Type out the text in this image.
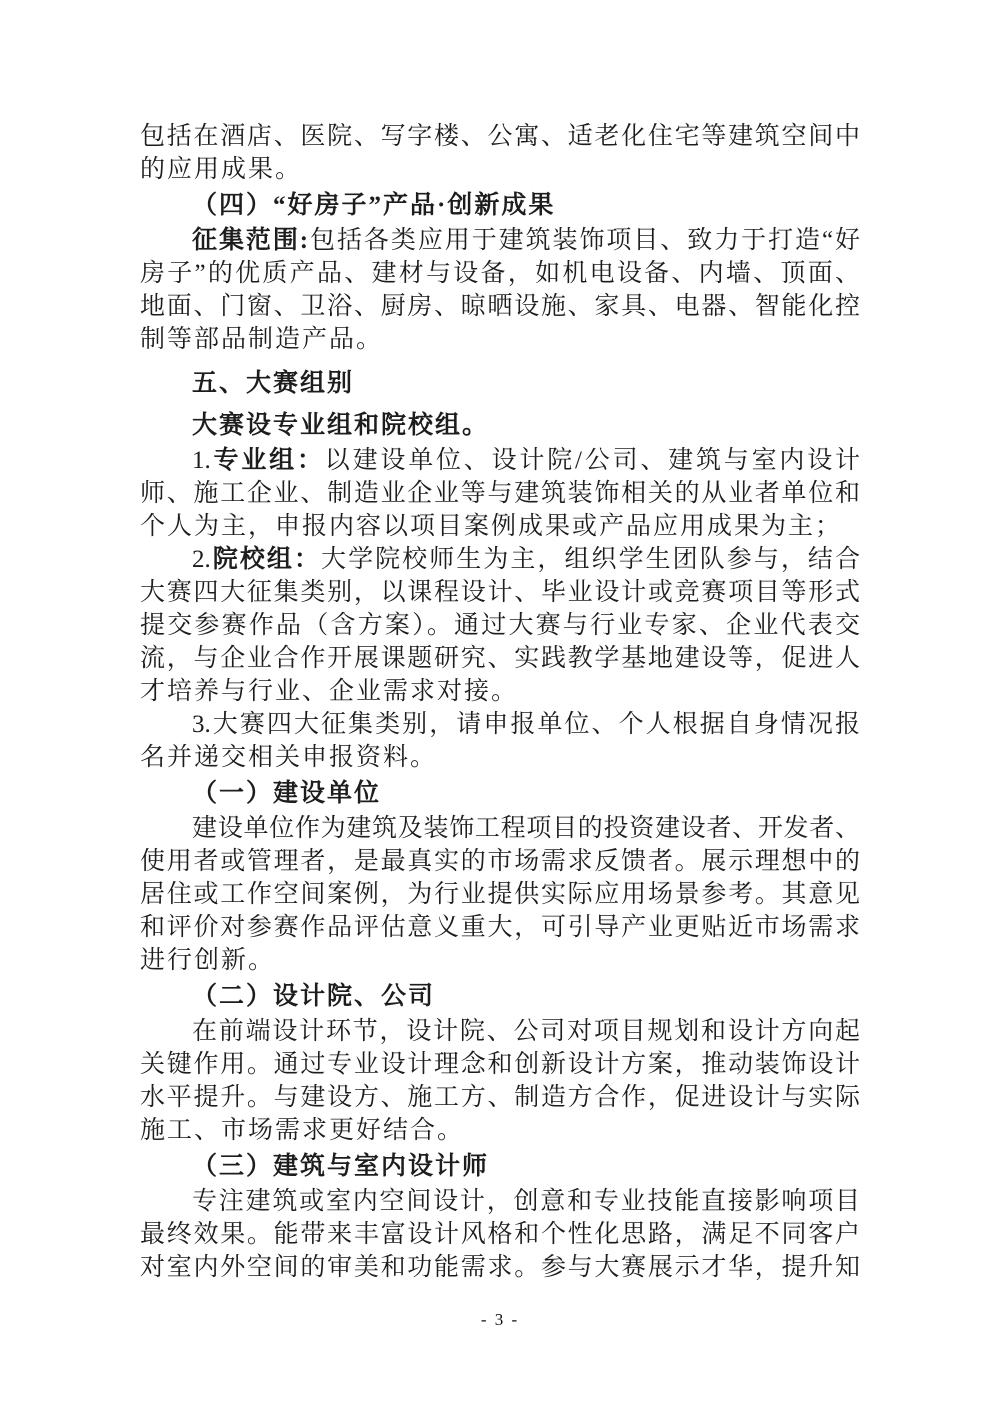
包括在酒店、医院、写字楼、公寓、适老化住宅等建筑空间中
的应用成果。
（四）“好房子”产品·创新成果
征集范围:包括各类应用于建筑装饰项目、致力于打造“好
房子”的优质产品、建材与设备，如机电设备、内墙、顶面、
地面、门窗、卫浴、厨房、晾晒设施、家具、电器、智能化控
制等部品制造产品。
五、大赛组别
大赛设专业组和院校组。
1.专业组：以建设单位、设计院/公司、建筑与室内设计
师、施工企业、制造业企业等与建筑装饰相关的从业者单位和
个人为主，申报内容以项目案例成果或产品应用成果为主；
2.院校组：大学院校师生为主，组织学生团队参与，结合
大赛四大征集类别，以课程设计、毕业设计或竞赛项目等形式
提交参赛作品（含方案）。通过大赛与行业专家、企业代表交
流，与企业合作开展课题研究、实践教学基地建设等，促进人
才培养与行业、企业需求对接。
3.大赛四大征集类别，请申报单位、个人根据自身情况报
名并递交相关申报资料。
（一）建设单位
建设单位作为建筑及装饰工程项目的投资建设者、开发者、
使用者或管理者，是最真实的市场需求反馈者。展示理想中的
居住或工作空间案例，为行业提供实际应用场景参考。其意见
和评价对参赛作品评估意义重大，可引导产业更贴近市场需求
进行创新。
（二）设计院、公司
在前端设计环节，设计院、公司对项目规划和设计方向起
关键作用。通过专业设计理念和创新设计方案，推动装饰设计
水平提升。与建设方、施工方、制造方合作，促进设计与实际
施工、市场需求更好结合。
（三）建筑与室内设计师
专注建筑或室内空间设计，创意和专业技能直接影响项目
最终效果。能带来丰富设计风格和个性化思路，满足不同客户
对室内外空间的审美和功能需求。参与大赛展示才华，提升知
- 3 -
